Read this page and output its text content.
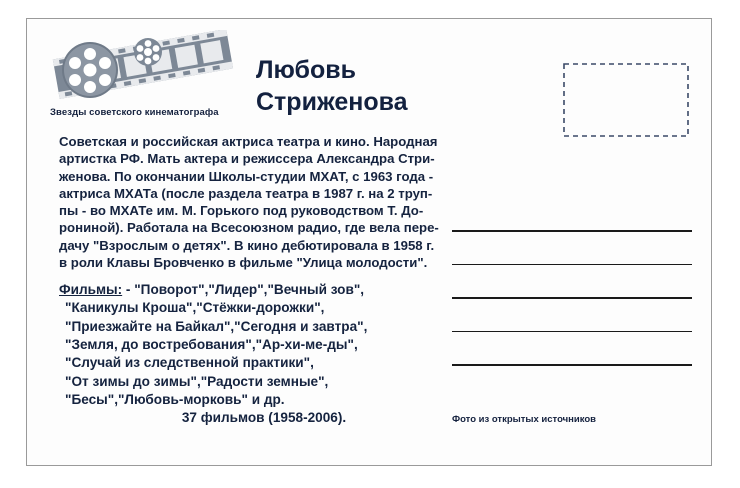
Звезды советского кинематографа
Любовь
Стриженова
Советская и российская актриса театра и кино. Народная
артистка РФ. Мать актера и режиссера Александра Стри-
женова. По окончании Школы-студии МХАТ, с 1963 года -
актриса МХАТа (после раздела театра в 1987 г. на 2 труп-
пы - во МХАТе им. М. Горького под руководством Т. До-
рониной). Работала на Всесоюзном радио, где вела пере-
дачу "Взрослым о детях". В кино дебютировала в 1958 г.
в роли Клавы Бровченко в фильме "Улица молодости".
Фильмы: - "Поворот","Лидер","Вечный зов",
"Каникулы Кроша","Стёжки-дорожки",
"Приезжайте на Байкал","Сегодня и завтра",
"Земля, до востребования","Ар-хи-ме-ды",
"Случай из следственной практики",
"От зимы до зимы","Радости земные",
"Бесы","Любовь-морковь" и др.
37 фильмов (1958-2006).	Фото из открытых источников
